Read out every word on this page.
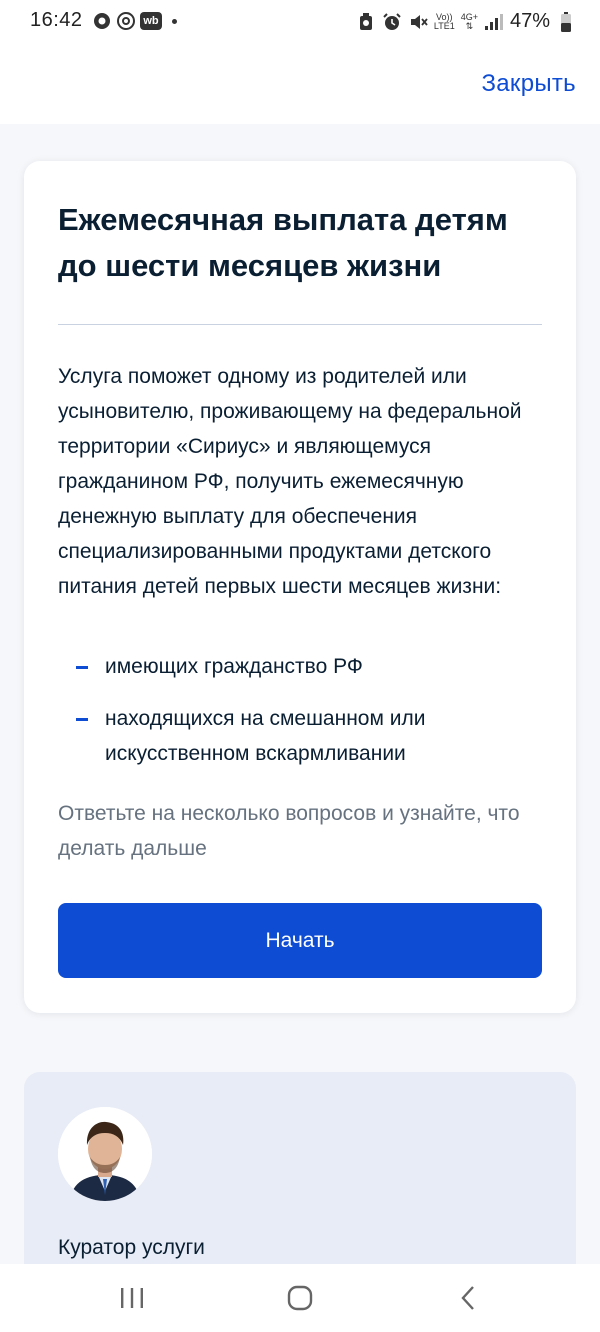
16:42	wb	Vo))
LTE1
4G+
⇅ 47%
Закрыть
Ежемесячная выплата детям до шести месяцев жизни

Услуга поможет одному из родителей или усыновителю, проживающему на федеральной территории «Сириус» и являющемуся гражданином РФ, получить ежемесячную денежную выплату для обеспечения специализированными продуктами детского питания детей первых шести месяцев жизни:

имеющих гражданство РФ
находящихся на смешанном или искусственном вскармливании

Ответьте на несколько вопросов и узнайте, что делать дальше

Начать
Куратор услуги
